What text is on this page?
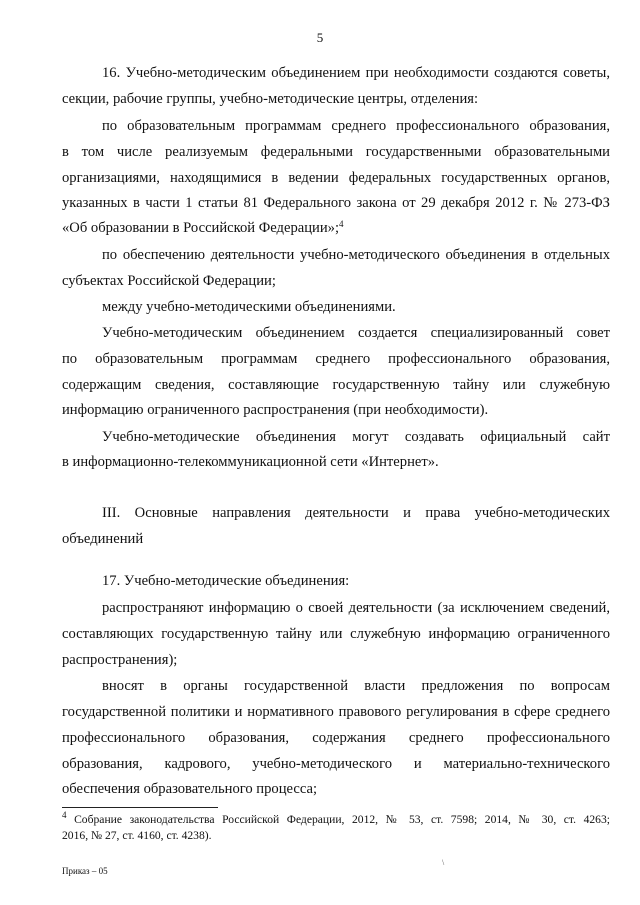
5
16. Учебно-методическим объединением при необходимости создаются советы,
секции, рабочие группы, учебно-методические центры, отделения:
по образовательным программам среднего профессионального образования,
в том числе реализуемым федеральными государственными образовательными
организациями, находящимися в ведении федеральных государственных органов,
указанных в части 1 статьи 81 Федерального закона от 29 декабря 2012 г. № 273-ФЗ
«Об образовании в Российской Федерации»;$^4$
по обеспечению деятельности учебно-методического объединения в отдельных
субъектах Российской Федерации;
между учебно-методическими объединениями.
Учебно-методическим объединением создается специализированный совет
по образовательным программам среднего профессионального образования,
содержащим сведения, составляющие государственную тайну или служебную
информацию ограниченного распространения (при необходимости).
Учебно-методические объединения могут создавать официальный сайт
в информационно-телекоммуникационной сети «Интернет».
III. Основные направления деятельности и права учебно-методических
объединений
17. Учебно-методические объединения:
распространяют информацию о своей деятельности (за исключением сведений,
составляющих государственную тайну или служебную информацию ограниченного
распространения);
вносят в органы государственной власти предложения по вопросам
государственной политики и нормативного правового регулирования в сфере среднего
профессионального образования, содержания среднего профессионального
образования, кадрового, учебно-методического и материально-технического
обеспечения образовательного процесса;
$^4$ Собрание законодательства Российской Федерации, 2012, № 53, ст. 7598; 2014, № 30, ст. 4263;
2016, № 27, ст. 4160, ст. 4238).
\
Приказ – 05
